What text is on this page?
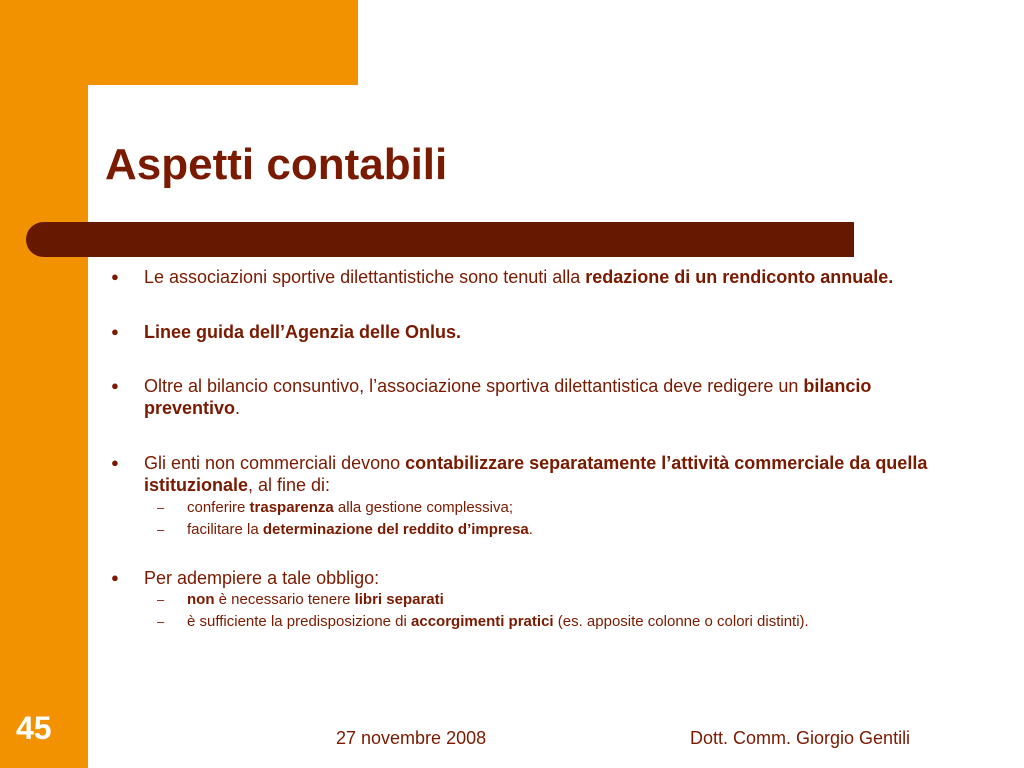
Aspetti contabili
● Le associazioni sportive dilettantistiche sono tenuti alla redazione di un rendiconto annuale.
● Linee guida dell’Agenzia delle Onlus.
● Oltre al bilancio consuntivo, l’associazione sportiva dilettantistica deve redigere un bilancio preventivo.
● Gli enti non commerciali devono contabilizzare separatamente l’attività commerciale da quella istituzionale, al fine di:
– conferire trasparenza alla gestione complessiva;
– facilitare la determinazione del reddito d’impresa.
● Per adempiere a tale obbligo:
– non è necessario tenere libri separati
– è sufficiente la predisposizione di accorgimenti pratici (es. apposite colonne o colori distinti).
45	27 novembre 2008	Dott. Comm. Giorgio Gentili
